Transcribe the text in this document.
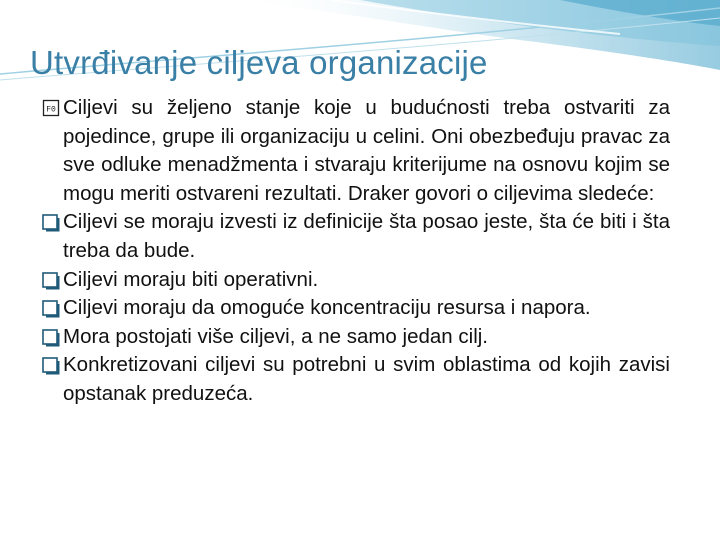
Utvrđivanje ciljeva organizacije
F0 Ciljevi su željeno stanje koje u budućnosti treba ostvariti za pojedince, grupe ili organizaciju u celini. Oni obezbeđuju pravac za sve odluke menadžmenta i stvaraju kriterijume na osnovu kojim se mogu meriti ostvareni rezultati. Draker govori o ciljevima sledeće:
Ciljevi se moraju izvesti iz definicije šta posao jeste, šta će biti i šta treba da bude.
Ciljevi moraju biti operativni.
Ciljevi moraju da omoguće koncentraciju resursa i napora.
Mora postojati više ciljevi, a ne samo jedan cilj.
Konkretizovani ciljevi su potrebni u svim oblastima od kojih zavisi opstanak preduzeća.
